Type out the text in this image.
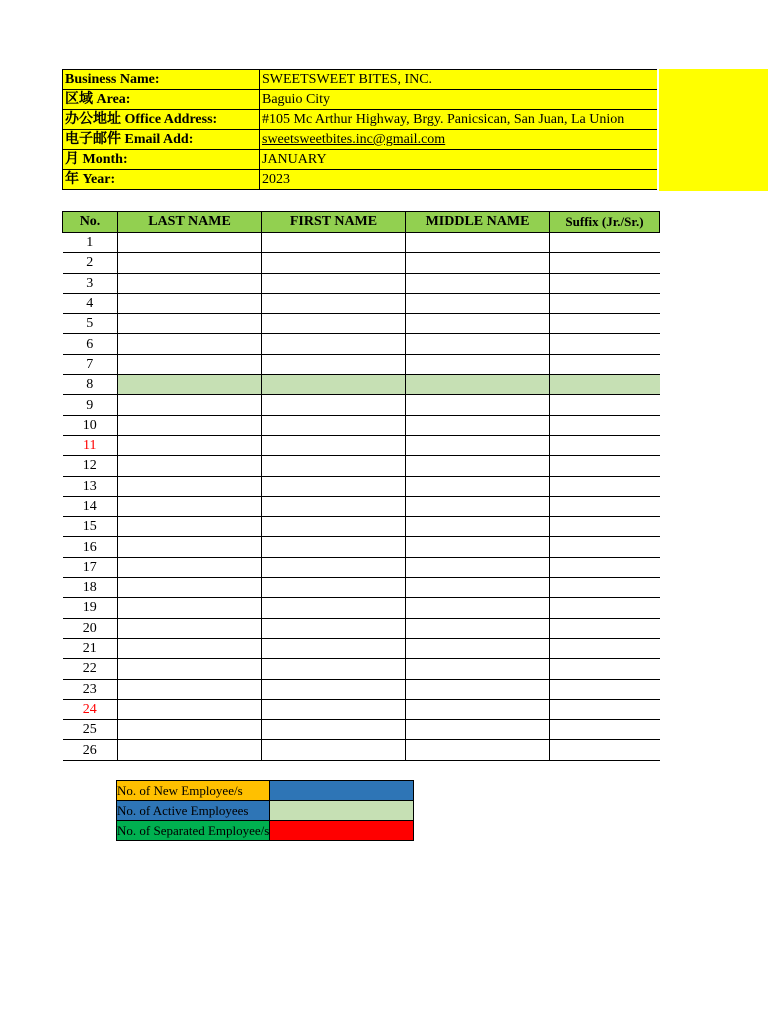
Business Name:	SWEETSWEET BITES, INC.
区域 Area:	Baguio City
办公地址 Office Address:	#105 Mc Arthur Highway, Brgy. Panicsican, San Juan, La Union
电子邮件 Email Add:	sweetsweetbites.inc@gmail.com
月 Month:	JANUARY
年 Year:	2023
No.	LAST NAME	FIRST NAME	MIDDLE NAME	Suffix (Jr./Sr.)
1				
2				
3				
4				
5				
6				
7				
8				
9				
10				
11				
12				
13				
14				
15				
16				
17				
18				
19				
20				
21				
22				
23				
24				
25				
26				
No. of New Employee/s	
No. of Active Employees	
No. of Separated Employee/s	
